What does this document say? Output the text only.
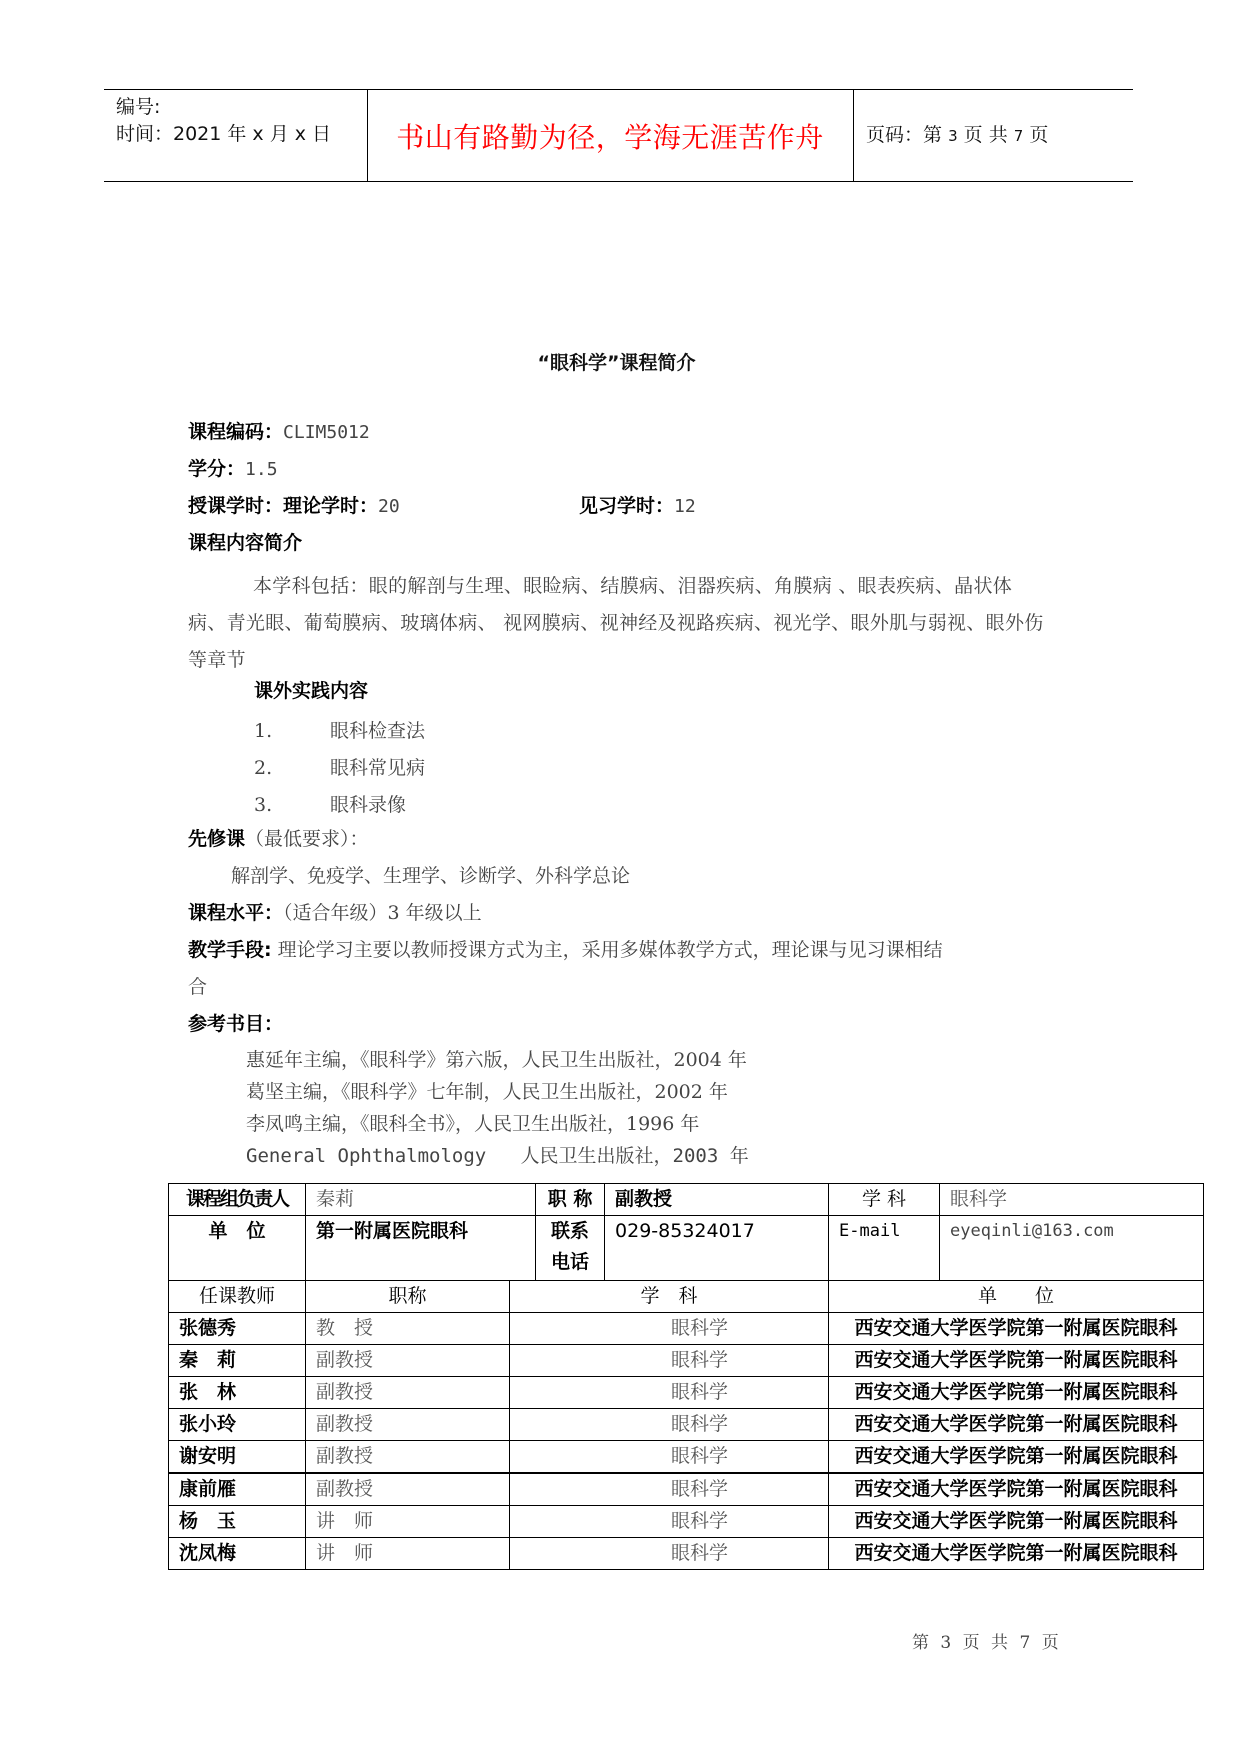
编号:
时间：2021 年 x 月 x 日	书山有路勤为径，学海无涯苦作舟	页码：第 3 页 共 7 页
“眼科学”课程简介
课程编码：CLIM5012
学分：1.5
授课学时：理论学时：20	见习学时：12
课程内容简介
本学科包括：眼的解剖与生理、眼睑病、结膜病、泪器疾病、角膜病 、眼表疾病、晶状体病、青光眼、葡萄膜病、玻璃体病、 视网膜病、视神经及视路疾病、视光学、眼外肌与弱视、眼外伤等章节
课外实践内容
1.	眼科检查法
2.	眼科常见病
3.	眼科录像
先修课（最低要求）：
解剖学、免疫学、生理学、诊断学、外科学总论
课程水平：（适合年级）3 年级以上
教学手段: 理论学习主要以教师授课方式为主，采用多媒体教学方式，理论课与见习课相结
合
参考书目：
惠延年主编，《眼科学》第六版，人民卫生出版社，2004 年
葛坚主编，《眼科学》七年制，人民卫生出版社，2002 年
李凤鸣主编，《眼科全书》，人民卫生出版社，1996 年
General Ophthalmology   人民卫生出版社，2003 年
课程组负责人	秦莉		职 称	副教授	学 科	眼科学
单　位	第一附属医院眼科		联系电话	029-85324017	E-mail	eyeqinli@163.com
任课教师	职称	学　科			单　　位	
张德秀	教　授	眼科学			西安交通大学医学院第一附属医院眼科	
秦　莉	副教授	眼科学			西安交通大学医学院第一附属医院眼科	
张　林	副教授	眼科学			西安交通大学医学院第一附属医院眼科	
张小玲	副教授	眼科学			西安交通大学医学院第一附属医院眼科	
谢安明	副教授	眼科学			西安交通大学医学院第一附属医院眼科	
康前雁	副教授	眼科学			西安交通大学医学院第一附属医院眼科	
杨　玉	讲　师	眼科学			西安交通大学医学院第一附属医院眼科	
沈凤梅	讲　师	眼科学			西安交通大学医学院第一附属医院眼科	
第 3 页 共 7 页
